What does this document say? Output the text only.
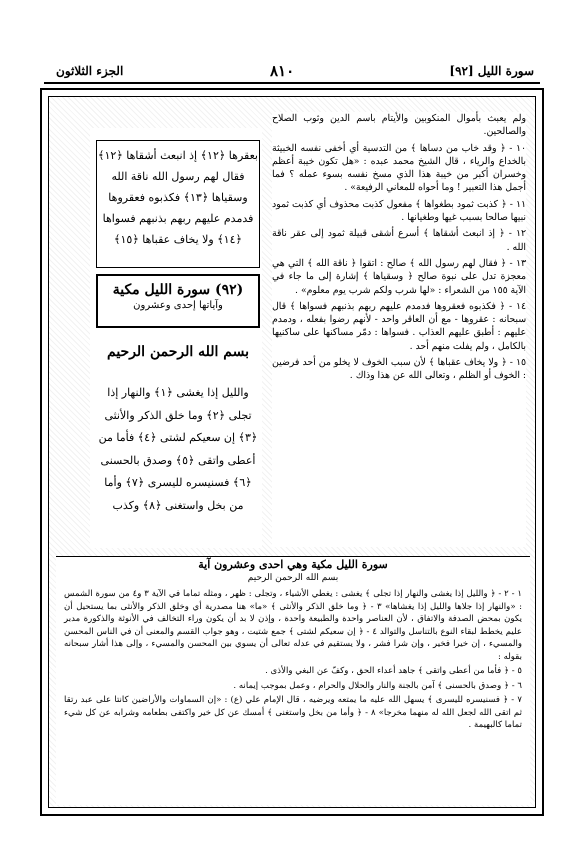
سورة الليل [٩٢]
٨١٠
الجزء الثلاثون

ولم يعبث بأموال المنكوبين والأيتام باسم الدين وثوب الصلاح والصالحين.

١٠ - ﴿ وقد خاب من دساها ﴾ من التدسية أي أخفى نفسه الخبيثة بالخداع والرياء ، قال الشيخ محمد عبده : «هل تكون خيبة أعظم وخسران أكبر من خيبة هذا الذي مسخ نفسه بسوء عمله ؟ فما أجمل هذا التعبير ! وما أحواه للمعاني الرفيعة» .

١١ - ﴿ كذبت ثمود بطغواها ﴾ مفعول كذبت محذوف أي كذبت ثمود نبيها صالحا بسبب غيها وطغيانها .

١٢ - ﴿ إذ انبعث أشقاها ﴾ أسرع أشقى قبيلة ثمود إلى عقر ناقة الله .

١٣ - ﴿ فقال لهم رسول الله ﴾ صالح : اتقوا ﴿ ناقة الله ﴾ التي هي معجزة تدل على نبوة صالح ﴿ وسقياها ﴾ إشارة إلى ما جاء في الآية ١٥٥ من الشعراء : «لها شرب ولكم شرب يوم معلوم» .

١٤ - ﴿ فكذبوه فعقروها فدمدم عليهم ربهم بذنبهم فسواها ﴾ قال سبحانه : عقروها - مع أن العاقر واحد - لأنهم رضوا بفعله ، ودمدم عليهم : أطبق عليهم العذاب . فسواها : دمّر مساكنها على ساكنيها بالكامل ، ولم يفلت منهم أحد .

١٥ - ﴿ ولا يخاف عقباها ﴾ لأن سبب الخوف لا يخلو من أحد فرضين : الخوف أو الظلم ، وتعالى الله عن هذا وذاك .

بعقرها ﴿١٢﴾ إذ انبعث أشقاها ﴿١٢﴾ فقال لهم رسول الله ناقة الله وسقياها ﴿١٣﴾ فكذبوه فعقروها فدمدم عليهم ربهم بذنبهم فسواها ﴿١٤﴾ ولا يخاف عقباها ﴿١٥﴾
(٩٢) سورة الليل مكية
وآياتها إحدى وعشرون
بسم الله الرحمن الرحيم
والليل إذا يغشى ﴿١﴾ والنهار إذا تجلى ﴿٢﴾ وما خلق الذكر والأنثى ﴿٣﴾ إن سعيكم لشتى ﴿٤﴾ فأما من أعطى واتقى ﴿٥﴾ وصدق بالحسنى ﴿٦﴾ فسنيسره لليسرى ﴿٧﴾ وأما من بخل واستغنى ﴿٨﴾ وكذب
سورة الليل مكية وهي احدى وعشرون آية
بسم الله الرحمن الرحيم

١ - ٢ - ﴿ والليل إذا يغشى والنهار إذا تجلى ﴾ يغشى : يغطي الأشياء ، وتجلى : ظهر ، ومثله تماما في الآية ٣ و٤ من سورة الشمس : «والنهار إذا جلاها والليل إذا يغشاها» ٣ - ﴿ وما خلق الذكر والأنثى ﴾ «ما» هنا مصدرية أي وخلق الذكر والأنثى بما يستحيل أن يكون بمحض الصدفة والاتفاق ، لأن العناصر واحدة والطبيعة واحدة ، وإذن لا بد أن يكون وراء التخالف في الأنوثة والذكورة مدبر عليم يخطط لبقاء النوع بالتناسل والتوالد ٤ - ﴿ إن سعيكم لشتى ﴾ جمع شتيت ، وهو جواب القسم والمعنى أن في الناس المحسن والمسيء ، إن خيرا فخير ، وإن شرا فشر ، ولا يستقيم في عدله تعالى أن يسوي بين المحسن والمسيء ، وإلى هذا أشار سبحانه بقوله :

٥ - ﴿ فأما من أعطى واتقى ﴾ جاهد أعداء الحق ، وكفّ عن البغي والأذى .

٦ - ﴿ وصدق بالحسنى ﴾ آمن بالجنة والنار والحلال والحرام ، وعمل بموجب إيمانه .

٧ - ﴿ فسنيسره لليسرى ﴾ يسهل الله عليه ما يمتعه ويرضيه ، قال الإمام علي (ع) : «إن السماوات والأراضين كانتا على عبد رتقا ثم اتقى الله لجعل الله له منهما مخرجا» ٨ - ﴿ وأما من بخل واستغنى ﴾ أمسك عن كل خير واكتفى بطعامه وشرابه عن كل شيء تماما كالبهيمة .
